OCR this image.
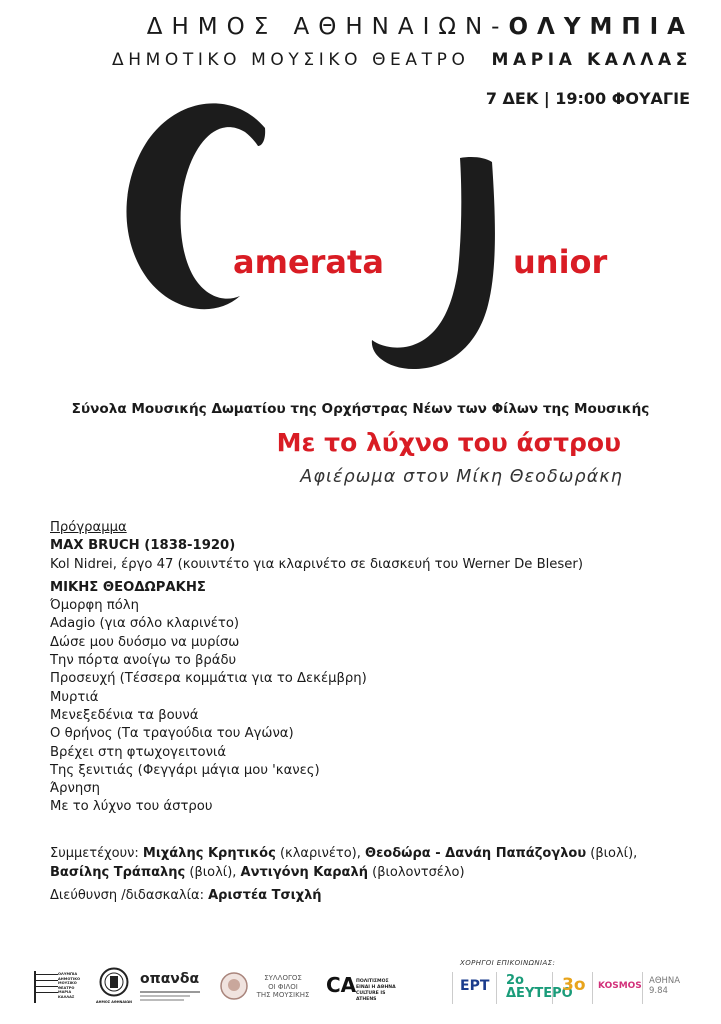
ΔΗΜΟΣ ΑΘΗΝΑΙΩΝ-ΟΛΥΜΠΙΑ
ΔΗΜΟΤΙΚΟ ΜΟΥΣΙΚΟ ΘΕΑΤΡΟ ΜΑΡΙΑ ΚΑΛΛΑΣ
7 ΔΕΚ | 19:00 ΦΟΥΑΓΙΕ
amerata	unior
Σύνολα Μουσικής Δωματίου της Ορχήστρας Νέων των Φίλων της Μουσικής
Με το λύχνο του άστρου
Αφιέρωμα στον Μίκη Θεοδωράκη
Πρόγραμμα
MAX BRUCH (1838-1920)
Kol Nidrei, έργο 47 (κουιντέτο για κλαρινέτο σε διασκευή του Werner De Bleser)
ΜΙΚΗΣ ΘΕΟΔΩΡΑΚΗΣ
Όμορφη πόλη
Adagio (για σόλο κλαρινέτο)
Δώσε μου δυόσμο να μυρίσω
Την πόρτα ανοίγω το βράδυ
Προσευχή (Τέσσερα κομμάτια για το Δεκέμβρη)
Μυρτιά
Μενεξεδένια τα βουνά
Ο θρήνος (Τα τραγούδια του Αγώνα)
Βρέχει στη φτωχογειτονιά
Της ξενιτιάς (Φεγγάρι μάγια μου 'κανες)
Άρνηση
Με το λύχνο του άστρου
Συμμετέχουν: Μιχάλης Κρητικός (κλαρινέτο), Θεοδώρα - Δανάη Παπάζογλου (βιολί),
Βασίλης Τράπαλης (βιολί), Αντιγόνη Καραλή (βιολοντσέλο)
Διεύθυνση /διδασκαλία: Αριστέα Τσιχλή
ΟΛΥΜΠΙΑ
ΔΗΜΟΤΙΚΟ
ΜΟΥΣΙΚΟ
ΘΕΑΤΡΟ
ΜΑΡΙΑ
ΚΑΛΛΑΣ
ΔΗΜΟΣ ΑΘΗΝΑΙΩΝ
οπανδα	ΣΥΛΛΟΓΟΣ
ΟΙ ΦΙΛΟΙ
ΤΗΣ ΜΟΥΣΙΚΗΣ CA ΠΟΛΙΤΙΣΜΟΣ
ΕΙΝΑΙ Η ΑΘΗΝΑ
CULTURE IS ATHENS
ΧΟΡΗΓΟΙ ΕΠΙΚΟΙΝΩΝΙΑΣ:
ΕΡΤ 2ο ΔΕΥΤΕΡΟ
3ο KOSMOS ΑΘΗΝΑ 9.84
